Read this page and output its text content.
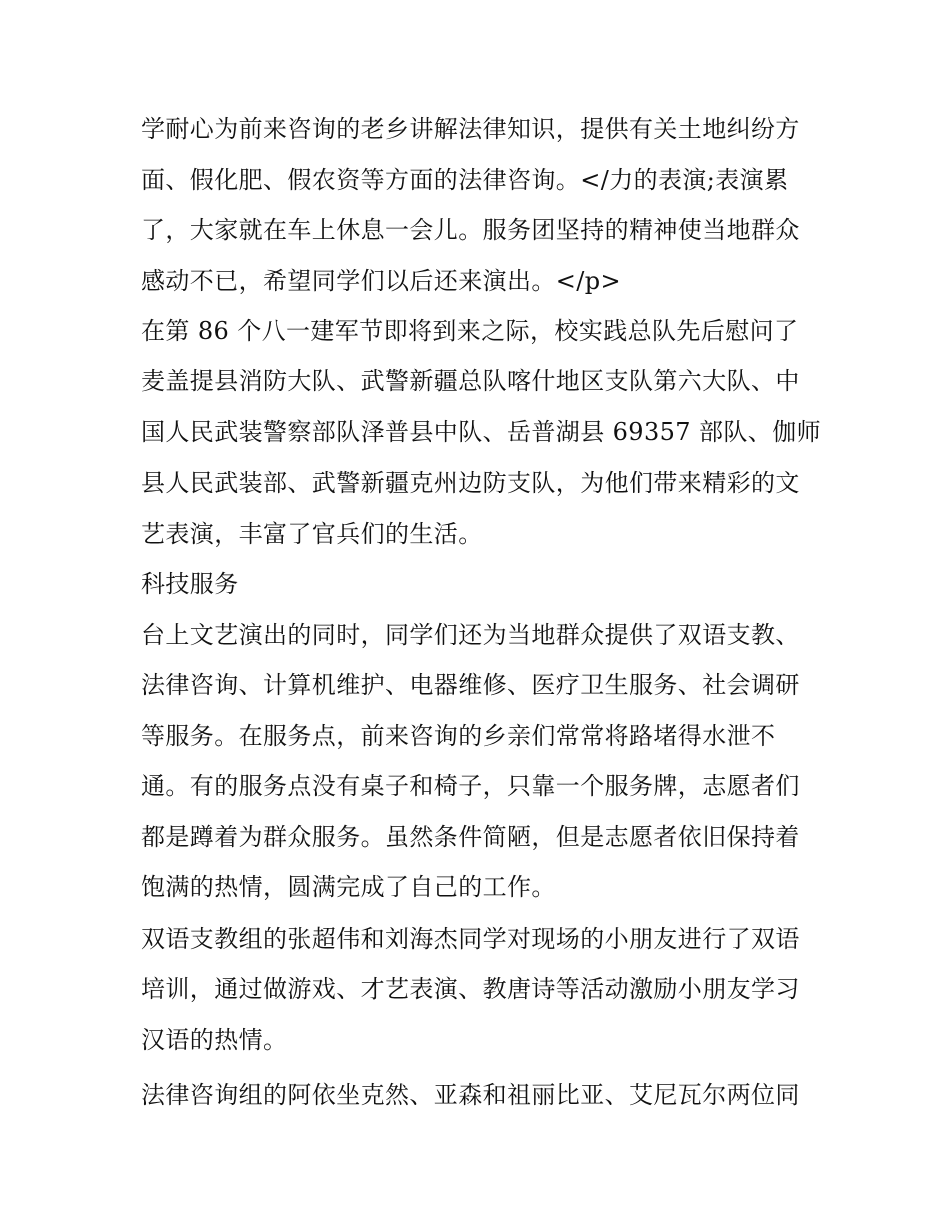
学耐心为前来咨询的老乡讲解法律知识，提供有关土地纠纷方
面、假化肥、假农资等方面的法律咨询。</力的表演;表演累
了，大家就在车上休息一会儿。服务团坚持的精神使当地群众
感动不已，希望同学们以后还来演出。</p>
在第 86 个八一建军节即将到来之际，校实践总队先后慰问了
麦盖提县消防大队、武警新疆总队喀什地区支队第六大队、中
国人民武装警察部队泽普县中队、岳普湖县 69357 部队、伽师
县人民武装部、武警新疆克州边防支队，为他们带来精彩的文
艺表演，丰富了官兵们的生活。
科技服务
台上文艺演出的同时，同学们还为当地群众提供了双语支教、
法律咨询、计算机维护、电器维修、医疗卫生服务、社会调研
等服务。在服务点，前来咨询的乡亲们常常将路堵得水泄不
通。有的服务点没有桌子和椅子，只靠一个服务牌，志愿者们
都是蹲着为群众服务。虽然条件简陋，但是志愿者依旧保持着
饱满的热情，圆满完成了自己的工作。
双语支教组的张超伟和刘海杰同学对现场的小朋友进行了双语
培训，通过做游戏、才艺表演、教唐诗等活动激励小朋友学习
汉语的热情。
法律咨询组的阿依坐克然、亚森和祖丽比亚、艾尼瓦尔两位同
